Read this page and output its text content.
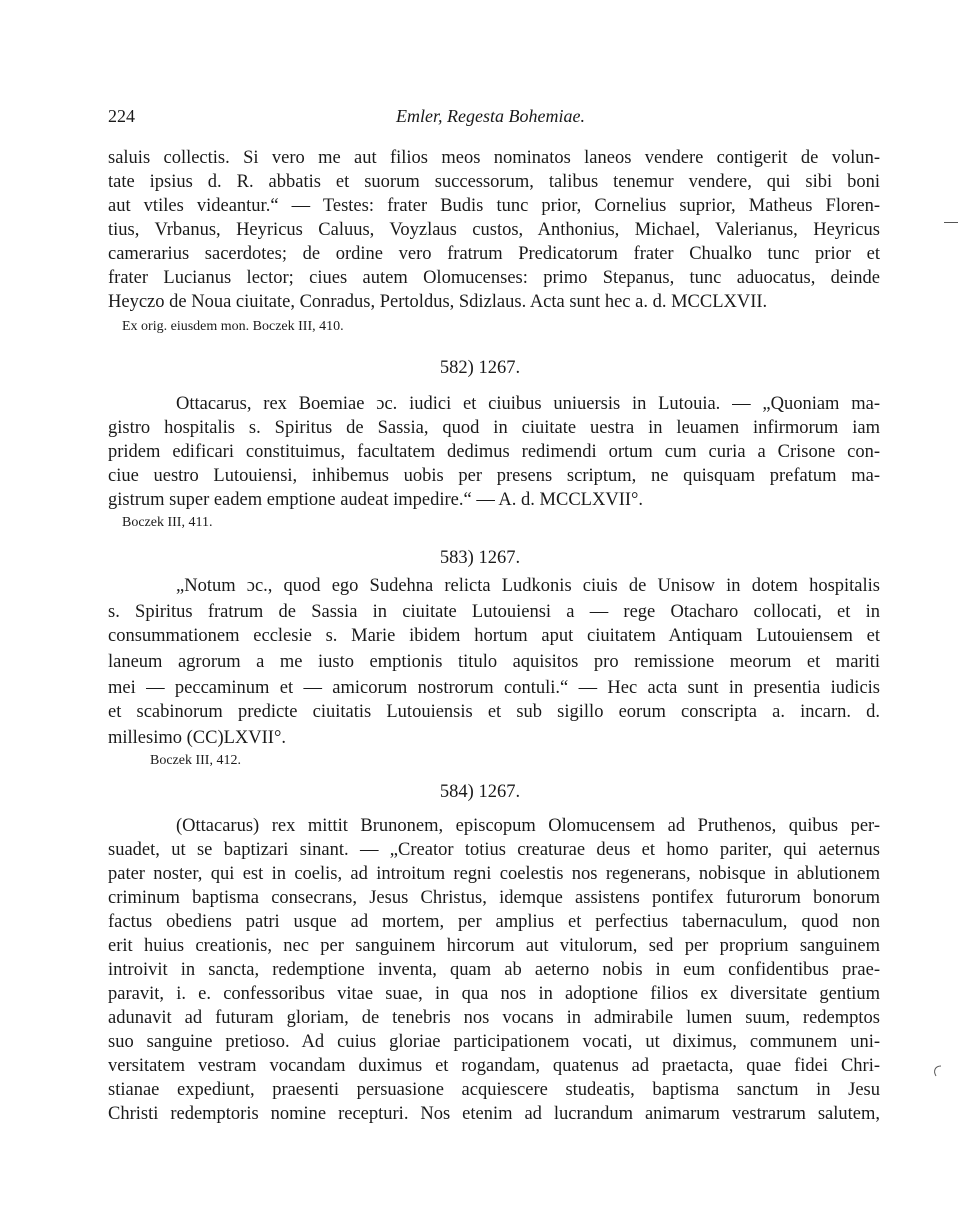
224	Emler, Regesta Bohemiae.
saluis collectis. Si vero me aut filios meos nominatos laneos vendere contigerit de volun-
tate ipsius d. R. abbatis et suorum successorum, talibus tenemur vendere, qui sibi boni
aut vtiles videantur.“ — Testes: frater Budis tunc prior, Cornelius suprior, Matheus Floren-
tius, Vrbanus, Heyricus Caluus, Voyzlaus custos, Anthonius, Michael, Valerianus, Heyricus
camerarius sacerdotes; de ordine vero fratrum Predicatorum frater Chualko tunc prior et
frater Lucianus lector; ciues autem Olomucenses: primo Stepanus, tunc aduocatus, deinde
Heyczo de Noua ciuitate, Conradus, Pertoldus, Sdizlaus. Acta sunt hec a. d. MCCLXVII.
Ex orig. eiusdem mon. Boczek III, 410.
582) 1267.
Ottacarus, rex Boemiae ɔc. iudici et ciuibus uniuersis in Lutouia. — „Quoniam ma-
gistro hospitalis s. Spiritus de Sassia, quod in ciuitate uestra in leuamen infirmorum iam
pridem edificari constituimus, facultatem dedimus redimendi ortum cum curia a Crisone con-
ciue uestro Lutouiensi, inhibemus uobis per presens scriptum, ne quisquam prefatum ma-
gistrum super eadem emptione audeat impedire.“ — A. d. MCCLXVII°.
Boczek III, 411.
583) 1267.
„Notum ɔc., quod ego Sudehna relicta Ludkonis ciuis de Unisow in dotem hospitalis
s. Spiritus fratrum de Sassia in ciuitate Lutouiensi a — rege Otacharo collocati, et in
consummationem ecclesie s. Marie ibidem hortum aput ciuitatem Antiquam Lutouiensem et
laneum agrorum a me iusto emptionis titulo aquisitos pro remissione meorum et mariti
mei — peccaminum et — amicorum nostrorum contuli.“ — Hec acta sunt in presentia iudicis
et scabinorum predicte ciuitatis Lutouiensis et sub sigillo eorum conscripta a. incarn. d.
millesimo (CC)LXVII°.
Boczek III, 412.
584) 1267.
(Ottacarus) rex mittit Brunonem, episcopum Olomucensem ad Pruthenos, quibus per-
suadet, ut se baptizari sinant. — „Creator totius creaturae deus et homo pariter, qui aeternus
pater noster, qui est in coelis, ad introitum regni coelestis nos regenerans, nobisque in ablutionem
criminum baptisma consecrans, Jesus Christus, idemque assistens pontifex futurorum bonorum
factus obediens patri usque ad mortem, per amplius et perfectius tabernaculum, quod non
erit huius creationis, nec per sanguinem hircorum aut vitulorum, sed per proprium sanguinem
introivit in sancta, redemptione inventa, quam ab aeterno nobis in eum confidentibus prae-
paravit, i. e. confessoribus vitae suae, in qua nos in adoptione filios ex diversitate gentium
adunavit ad futuram gloriam, de tenebris nos vocans in admirabile lumen suum, redemptos
suo sanguine pretioso. Ad cuius gloriae participationem vocati, ut diximus, communem uni-
versitatem vestram vocandam duximus et rogandam, quatenus ad praetacta, quae fidei Chri-
stianae expediunt, praesenti persuasione acquiescere studeatis, baptisma sanctum in Jesu
Christi redemptoris nomine recepturi. Nos etenim ad lucrandum animarum vestrarum salutem,
